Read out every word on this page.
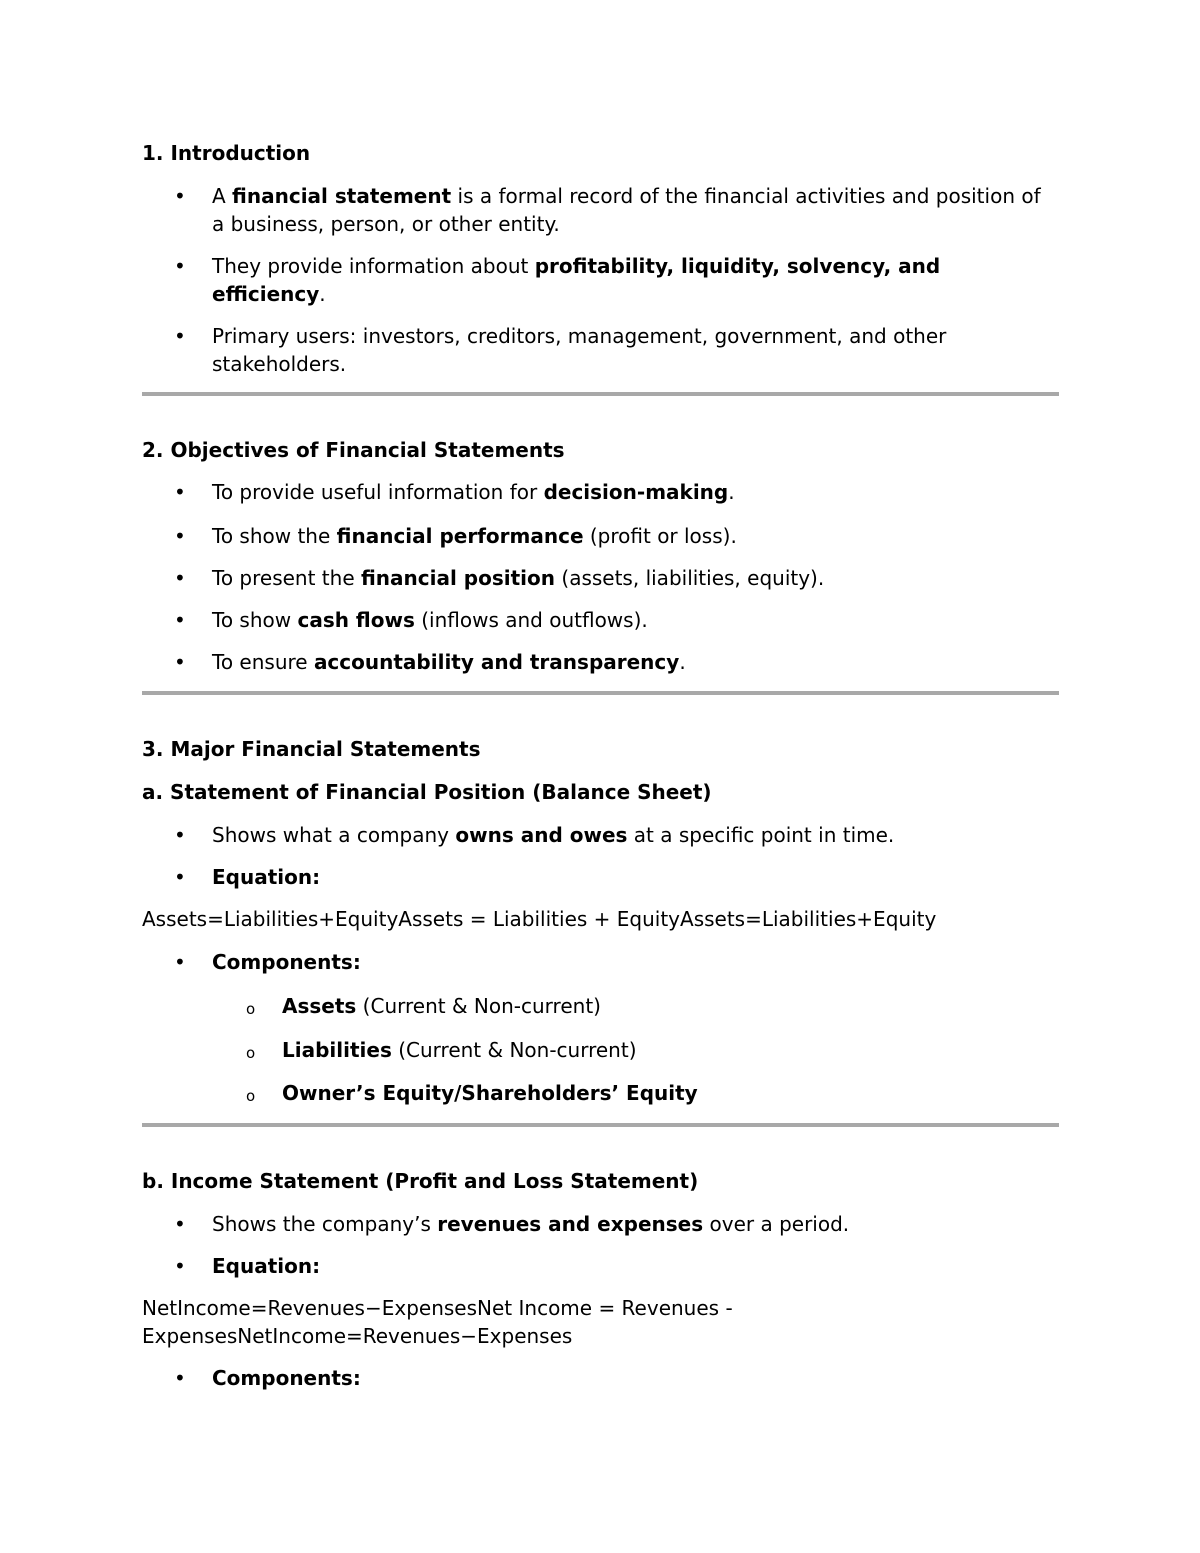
1. Introduction

• A financial statement is a formal record of the financial activities and position of a business, person, or other entity.
• They provide information about profitability, liquidity, solvency, and efficiency.
• Primary users: investors, creditors, management, government, and other stakeholders.

2. Objectives of Financial Statements

• To provide useful information for decision-making.
• To show the financial performance (profit or loss).
• To present the financial position (assets, liabilities, equity).
• To show cash flows (inflows and outflows).
• To ensure accountability and transparency.

3. Major Financial Statements

a. Statement of Financial Position (Balance Sheet)

• Shows what a company owns and owes at a specific point in time.
• Equation:

Assets=Liabilities+EquityAssets = Liabilities + EquityAssets=Liabilities+Equity

• Components:
o Assets (Current & Non-current)
o Liabilities (Current & Non-current)
o Owner’s Equity/Shareholders’ Equity

b. Income Statement (Profit and Loss Statement)

• Shows the company’s revenues and expenses over a period.
• Equation:

NetIncome=Revenues−ExpensesNet Income = Revenues - ExpensesNetIncome=Revenues−Expenses

• Components:
